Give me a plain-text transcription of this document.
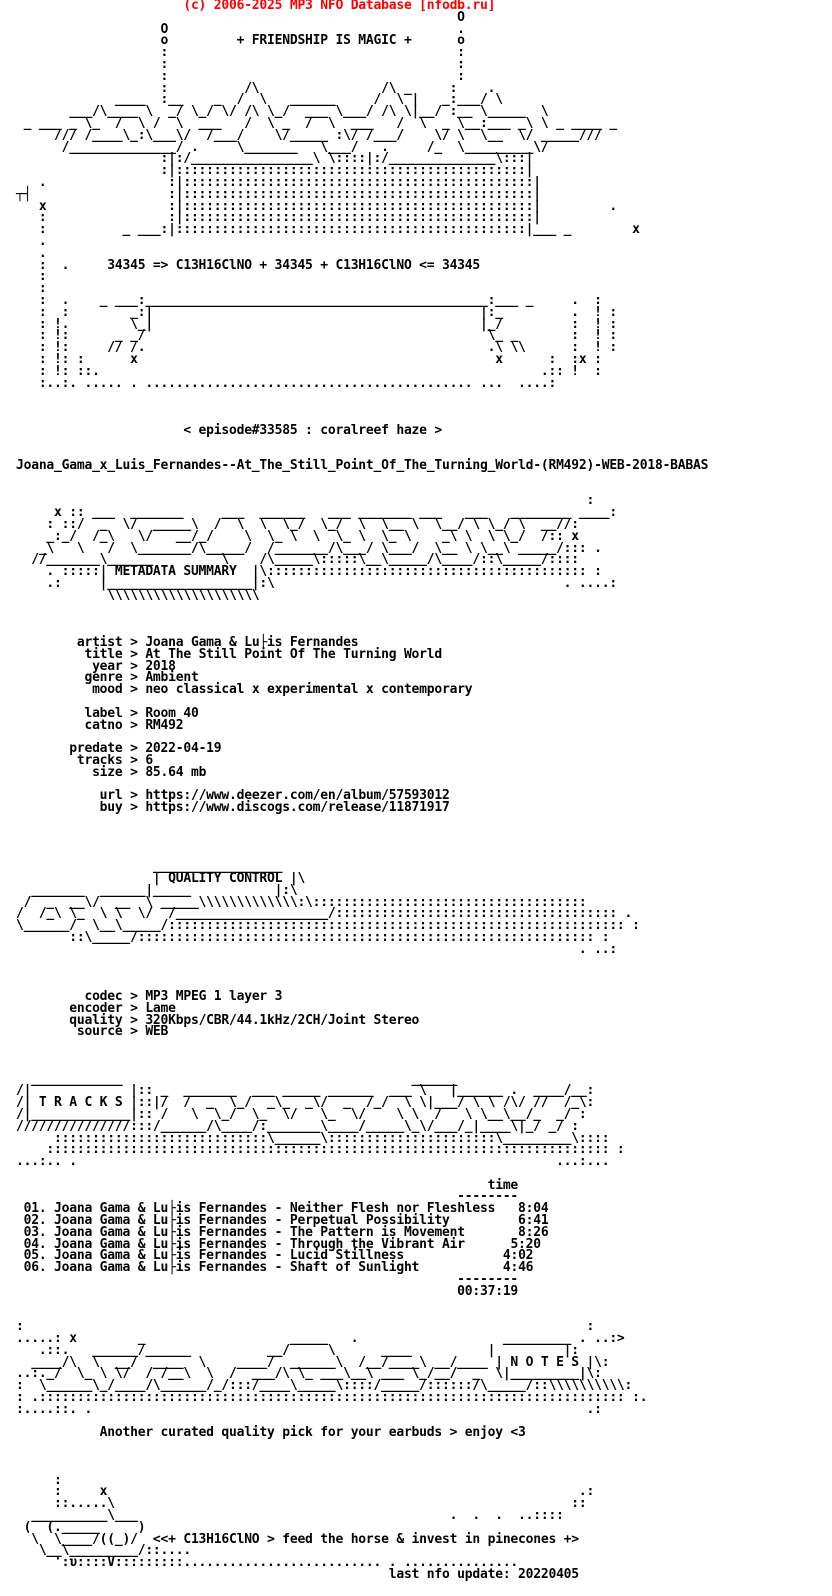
(c) 2006-2025 MP3 NFO Database [nfodb.ru]
O
O                                      .
o         + FRIENDSHIP IS MAGIC +      o
:                                      :
:                                      :
:                                      :
:          /\                /\ _     :    .
____  :__    _  /  \   ______     /  \ |   _:___/ \
___/\____ \  _/ \_/ \/ /\ \_/  ___ \___/ /\ \|__/ :__ \_____  \
_ ___ _ \_  /  \ /  \  ___   /  \ _  /  \  ___   /  \  _ \__:___ _\ \ _ ____ _
/// /____\_:\___\/  /___/    \/_____ :\/ /___/    \/ \  \__  \/ _____///
/______________/ .     \_______   \___/   .     /_  \_________\/
:|:/________________\ \::::|:/______________\:::|
:|::::::::::::::::::::::::::::::::::::::::::::::|
.                :|::::::::::::::::::::::::::::::::::::::::::::::|
┬┤                  :|::::::::::::::::::::::::::::::::::::::::::::::|
x                :|::::::::::::::::::::::::::::::::::::::::::::::|         .
:                :|::::::::::::::::::::::::::::::::::::::::::::::|
:          _ ___:|::::::::::::::::::::::::::::::::::::::::::::::|___ _        x
.
.
:  .     34345 => C13H16ClNO + 34345 + C13H16ClNO <= 34345
:
:
:  .    _ ___:_____________________________________________:___ _     .  :
:  :        _:|                                           |:_         .  ! :
: !.        \_|                                           |_/         :  ! :
: !:      _ _/                                             \_ _       :  ! :
: !:     // /.                                             .\ \\      :  ! :
: !: :      x                                               x      :  :x :
: !: ::.                                                          .:: !  :
:..:. ..... . ........................................... ...  ....:

< episode#33585 : coralreef haze >

Joana_Gama_x_Luis_Fernandes--At_The_Still_Point_Of_The_Turning_World-(RM492)-WEB-2018-BABAS

:
x :: ___  _______     ___  ______   ___ _______ ___   ___   ________ ____:
: ::/  _  \/  _____\  /  \  \  \_/  \_/  \  \__ \  \__/ \ \_/ \  __//:
_:_/  /_\   \/   __/_/    \  \_ \  \  \_ \  \_ \    _\ \  \ \_/  /:: x
_\   \   /  \_______/\_____/  /_______/\___/ \___/  \__ \ \__\ _____/::: .
//_______\______         \    /\_____\:::::\__\_____/\____/::\_____/::::
. :::::| METADATA SUMMARY  |\:::::::::::::::::::::::::::::::::::::::::: :
.:     |___________________|:\                                      . ....:
\\\\\\\\\\\\\\\\\\\\

artist > Joana Gama & Lu├is Fernandes
title > At The Still Point Of The Turning World
year > 2018
genre > Ambient
mood > neo classical x experimental x contemporary

label > Room 40
catno > RM492

predate > 2022-04-19
tracks > 6
size > 85.64 mb

url > https://www.deezer.com/en/album/57593012
buy > https://www.discogs.com/release/11871917

_________________
| QUALITY CONTROL |\
_______  ______|_____           |:\
/  _  __\/  __  \ _____\\\\\\\\\\\\\:\::::::::::::::::::::::::::::::::::::
/  /_\ \_  \ \  \/  /____________________/::::::::::::::::::::::::::::::::::::: .
\______/  \__\_____/:::::::::::::::::::::::::::::::::::::::::::::::::::::::::::: :
::\_____/:::::::::::::::::::::::::::::::::::::::::::::::::::::::::::: :
. ..:

codec > MP3 MPEG 1 layer 3
encoder > Lame
quality > 320Kbps/CBR/44.1kHz/2CH/Joint Stereo
source > WEB

____________                                      ______
/|             |:: _  _______  ___ _____ ______  ___ \   |______ .  ____/__:
/| T R A C K S |::|/  /  _  \_/  _\_  _\/  _  /_/  \ \|___/ \ \ /\/ //  /_\:
/|_____________|:: /   \  \_/  \_  \/   \_  \/    \ \  /   \ \__\__/_  _/ :
///////////////:::/______/\____/:_______\____/_____\_\/___/_|____\|_/ _/ :
::::::::::::::::::::::::::::\______\::::::::::::::::::::::\_________\::::
:::::::::::::::::::::::::::::::::::::::::::::::::::::::::::::::::::::::::: :
...:.. .                                                               ...:...

time
--------
01. Joana Gama & Lu├is Fernandes - Neither Flesh nor Fleshless   8:04
02. Joana Gama & Lu├is Fernandes - Perpetual Possibility         6:41
03. Joana Gama & Lu├is Fernandes - The Pattern is Movement       8:26
04. Joana Gama & Lu├is Fernandes - Through the Vibrant Air      5:20
05. Joana Gama & Lu├is Fernandes - Lucid Stillness             4:02
06. Joana Gama & Lu├is Fernandes - Shaft of Sunlight           4:46
--------
00:37:19

:                                                                          :
.....: x        _                   _____   .                   _________ . ..:>
.::.   ______/______          __/     \      ____          |         |:
____/\  \  __/  ____  \    ____/  ______\  /__/____\ __/____ | N O T E S |\:
..:._/  \_ \ \/  / /__\  \  /  ___/\ \_ ___\__\ ___ \_/__/  _  \|_________|\:
:  \______\_/____/\______/_/:::/____\_____\::::/_____/::::::/\_____/::\\\\\\\\\\:
: .::::::::::::::::::::::::::::::::::::::::::::::::::::::::::::::::::::::::::::: :.
:....::. .                                                                 .:

Another curated quality pick for your earbuds > enjoy <3

:
:     x                                                              .:
::.....\                                                            ::
__________\___                                         .  .  .  ..::::
(  (._____     )
\  \____/((_)/  <<+ C13H16ClNO > feed the horse & invest in pinecones +>
\__\_________/::....
':υ::::V:::::::::.......................... . ...............
last nfo update: 20220405
